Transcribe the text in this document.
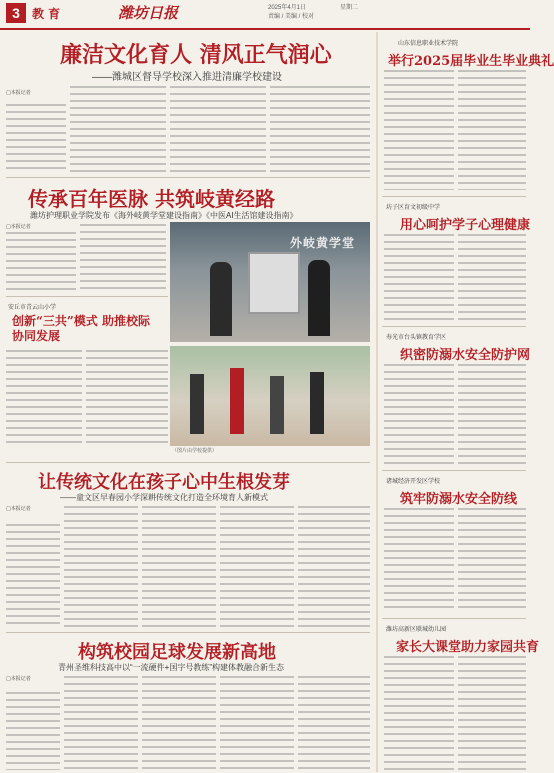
3	教 育	潍坊日报	2025年4月1日	星期二
责编 / 美编 / 校对
廉洁文化育人 清风正气润心
——潍城区督导学校深入推进清廉学校建设
□本报记者
传承百年医脉 共筑岐黄经路
潍坊护理职业学院发布《海外岐黄学堂建设指南》《中医AI生活馆建设指南》
□本报记者
外岐黄学堂
安丘市青云山小学
创新“三共”模式 助推校际协同发展
（图片由学校提供）
让传统文化在孩子心中生根发芽
——童文区早春园小学深耕传统文化打造全环境育人新模式
□本报记者
构筑校园足球发展新高地
青州圣维科技高中以“一流硬件+国字号教练”构建体教融合新生态
□本报记者
山东信息职业技术学院
举行2025届毕业生毕业典礼
坊子区育文初级中学
用心呵护学子心理健康
寿光市台头镇教育学区
织密防溺水安全防护网
诸城经济开发区学校
筑牢防溺水安全防线
潍坊高新区联城幼儿园
家长大课堂助力家园共育
